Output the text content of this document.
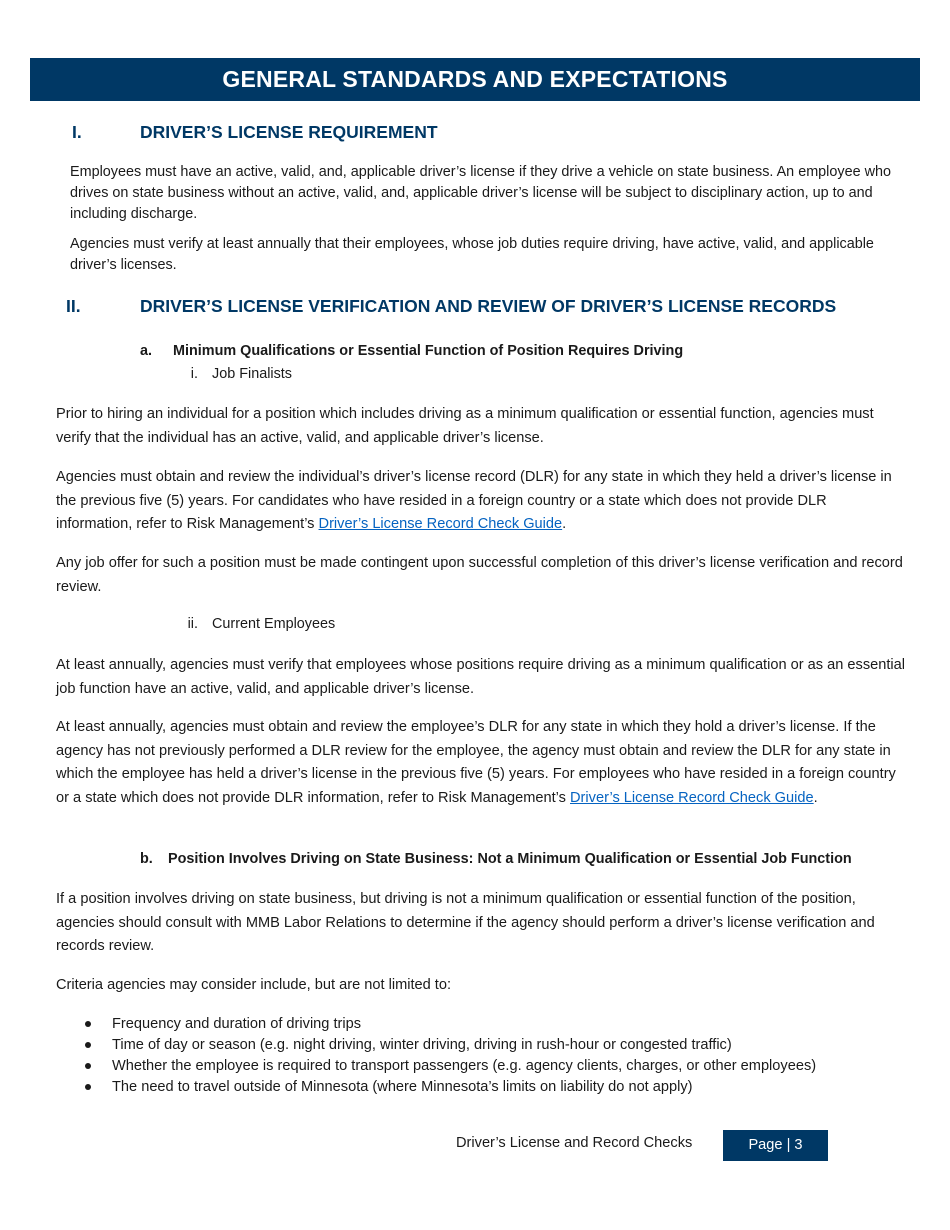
GENERAL STANDARDS AND EXPECTATIONS
I.	DRIVER’S LICENSE REQUIREMENT
Employees must have an active, valid, and, applicable driver’s license if they drive a vehicle on state business. An employee who drives on state business without an active, valid, and, applicable driver’s license will be subject to disciplinary action, up to and including discharge.
Agencies must verify at least annually that their employees, whose job duties require driving, have active, valid, and applicable driver’s licenses.
II.	DRIVER’S LICENSE VERIFICATION AND REVIEW OF DRIVER’S LICENSE RECORDS
a. Minimum Qualifications or Essential Function of Position Requires Driving
i. Job Finalists
Prior to hiring an individual for a position which includes driving as a minimum qualification or essential function, agencies must verify that the individual has an active, valid, and applicable driver’s license.
Agencies must obtain and review the individual’s driver’s license record (DLR) for any state in which they held a driver’s license in the previous five (5) years. For candidates who have resided in a foreign country or a state which does not provide DLR information, refer to Risk Management’s Driver’s License Record Check Guide.
Any job offer for such a position must be made contingent upon successful completion of this driver’s license verification and record review.
ii. Current Employees
At least annually, agencies must verify that employees whose positions require driving as a minimum qualification or as an essential job function have an active, valid, and applicable driver’s license.
At least annually, agencies must obtain and review the employee’s DLR for any state in which they hold a driver’s license. If the agency has not previously performed a DLR review for the employee, the agency must obtain and review the DLR for any state in which the employee has held a driver’s license in the previous five (5) years. For employees who have resided in a foreign country or a state which does not provide DLR information, refer to Risk Management’s Driver’s License Record Check Guide.
b. Position Involves Driving on State Business: Not a Minimum Qualification or Essential Job Function
If a position involves driving on state business, but driving is not a minimum qualification or essential function of the position, agencies should consult with MMB Labor Relations to determine if the agency should perform a driver’s license verification and records review.
Criteria agencies may consider include, but are not limited to:
Frequency and duration of driving trips
Time of day or season (e.g. night driving, winter driving, driving in rush-hour or congested traffic)
Whether the employee is required to transport passengers (e.g. agency clients, charges, or other employees)
The need to travel outside of Minnesota (where Minnesota’s limits on liability do not apply)
Driver’s License and Record Checks	Page | 3
